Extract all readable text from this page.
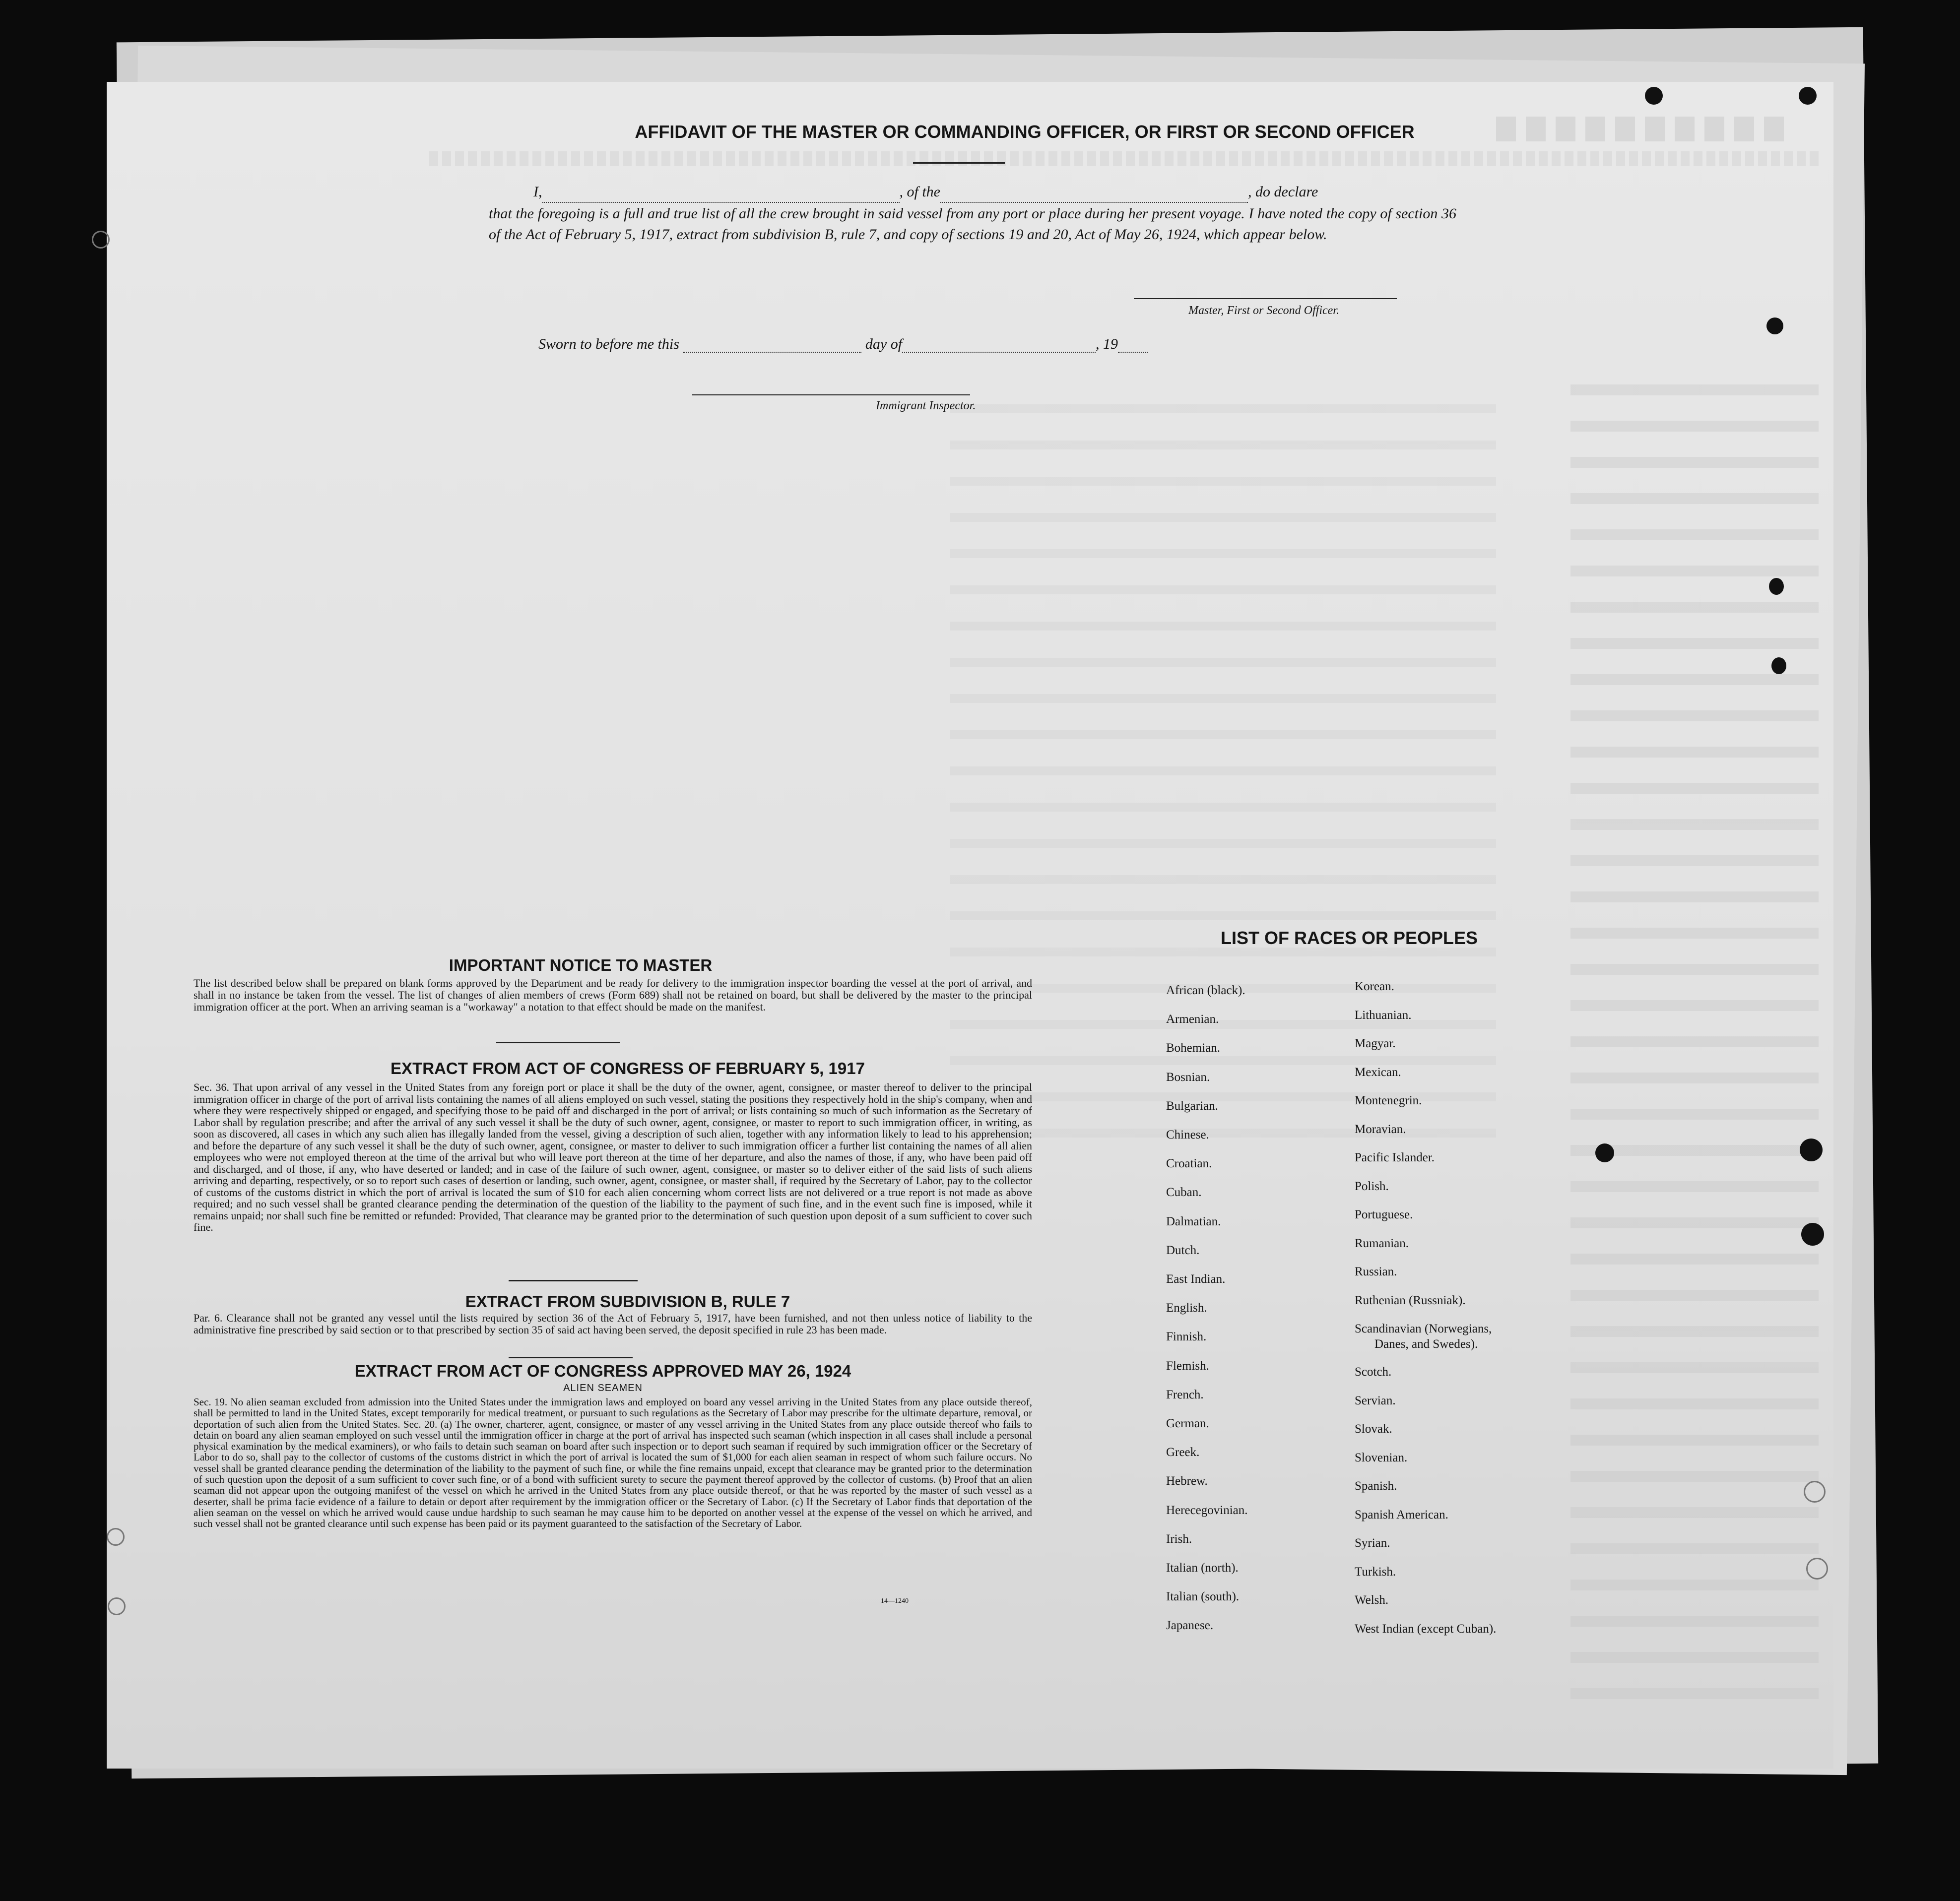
AFFIDAVIT OF THE MASTER OR COMMANDING OFFICER, OR FIRST OR SECOND OFFICER
I,	, of the	, do declare
that the foregoing is a full and true list of all the crew brought in said vessel from any port or place during her present voyage. I have noted the copy of section 36 of the Act of February 5, 1917, extract from subdivision B, rule 7, and copy of sections 19 and 20, Act of May 26, 1924, which appear below.
Master, First or Second Officer.
Sworn to before me this	day of	, 19
Immigrant Inspector.
IMPORTANT NOTICE TO MASTER
The list described below shall be prepared on blank forms approved by the Department and be ready for delivery to the immigration inspector boarding the vessel at the port of arrival, and shall in no instance be taken from the vessel. The list of changes of alien members of crews (Form 689) shall not be retained on board, but shall be delivered by the master to the principal immigration officer at the port. When an arriving seaman is a "workaway" a notation to that effect should be made on the manifest.
EXTRACT FROM ACT OF CONGRESS OF FEBRUARY 5, 1917
Sec. 36. That upon arrival of any vessel in the United States from any foreign port or place it shall be the duty of the owner, agent, consignee, or master thereof to deliver to the principal immigration officer in charge of the port of arrival lists containing the names of all aliens employed on such vessel, stating the positions they respectively hold in the ship's company, when and where they were respectively shipped or engaged, and specifying those to be paid off and discharged in the port of arrival; or lists containing so much of such information as the Secretary of Labor shall by regulation prescribe; and after the arrival of any such vessel it shall be the duty of such owner, agent, consignee, or master to report to such immigration officer, in writing, as soon as discovered, all cases in which any such alien has illegally landed from the vessel, giving a description of such alien, together with any information likely to lead to his apprehension; and before the departure of any such vessel it shall be the duty of such owner, agent, consignee, or master to deliver to such immigration officer a further list containing the names of all alien employees who were not employed thereon at the time of the arrival but who will leave port thereon at the time of her departure, and also the names of those, if any, who have been paid off and discharged, and of those, if any, who have deserted or landed; and in case of the failure of such owner, agent, consignee, or master so to deliver either of the said lists of such aliens arriving and departing, respectively, or so to report such cases of desertion or landing, such owner, agent, consignee, or master shall, if required by the Secretary of Labor, pay to the collector of customs of the customs district in which the port of arrival is located the sum of $10 for each alien concerning whom correct lists are not delivered or a true report is not made as above required; and no such vessel shall be granted clearance pending the determination of the question of the liability to the payment of such fine, and in the event such fine is imposed, while it remains unpaid; nor shall such fine be remitted or refunded: Provided, That clearance may be granted prior to the determination of such question upon deposit of a sum sufficient to cover such fine.
EXTRACT FROM SUBDIVISION B, RULE 7
Par. 6. Clearance shall not be granted any vessel until the lists required by section 36 of the Act of February 5, 1917, have been furnished, and not then unless notice of liability to the administrative fine prescribed by said section or to that prescribed by section 35 of said act having been served, the deposit specified in rule 23 has been made.
EXTRACT FROM ACT OF CONGRESS APPROVED MAY 26, 1924
ALIEN SEAMEN
Sec. 19. No alien seaman excluded from admission into the United States under the immigration laws and employed on board any vessel arriving in the United States from any place outside thereof, shall be permitted to land in the United States, except temporarily for medical treatment, or pursuant to such regulations as the Secretary of Labor may prescribe for the ultimate departure, removal, or deportation of such alien from the United States. Sec. 20. (a) The owner, charterer, agent, consignee, or master of any vessel arriving in the United States from any place outside thereof who fails to detain on board any alien seaman employed on such vessel until the immigration officer in charge at the port of arrival has inspected such seaman (which inspection in all cases shall include a personal physical examination by the medical examiners), or who fails to detain such seaman on board after such inspection or to deport such seaman if required by such immigration officer or the Secretary of Labor to do so, shall pay to the collector of customs of the customs district in which the port of arrival is located the sum of $1,000 for each alien seaman in respect of whom such failure occurs. No vessel shall be granted clearance pending the determination of the liability to the payment of such fine, or while the fine remains unpaid, except that clearance may be granted prior to the determination of such question upon the deposit of a sum sufficient to cover such fine, or of a bond with sufficient surety to secure the payment thereof approved by the collector of customs. (b) Proof that an alien seaman did not appear upon the outgoing manifest of the vessel on which he arrived in the United States from any place outside thereof, or that he was reported by the master of such vessel as a deserter, shall be prima facie evidence of a failure to detain or deport after requirement by the immigration officer or the Secretary of Labor. (c) If the Secretary of Labor finds that deportation of the alien seaman on the vessel on which he arrived would cause undue hardship to such seaman he may cause him to be deported on another vessel at the expense of the vessel on which he arrived, and such vessel shall not be granted clearance until such expense has been paid or its payment guaranteed to the satisfaction of the Secretary of Labor.
14—1240
LIST OF RACES OR PEOPLES
African (black).
Armenian.
Bohemian.
Bosnian.
Bulgarian.
Chinese.
Croatian.
Cuban.
Dalmatian.
Dutch.
East Indian.
English.
Finnish.
Flemish.
French.
German.
Greek.
Hebrew.
Herecegovinian.
Irish.
Italian (north).
Italian (south).
Japanese.
Korean.
Lithuanian.
Magyar.
Mexican.
Montenegrin.
Moravian.
Pacific Islander.
Polish.
Portuguese.
Rumanian.
Russian.
Ruthenian (Russniak).
Scandinavian (Norwegians,
Danes, and Swedes).
Scotch.
Servian.
Slovak.
Slovenian.
Spanish.
Spanish American.
Syrian.
Turkish.
Welsh.
West Indian (except Cuban).
